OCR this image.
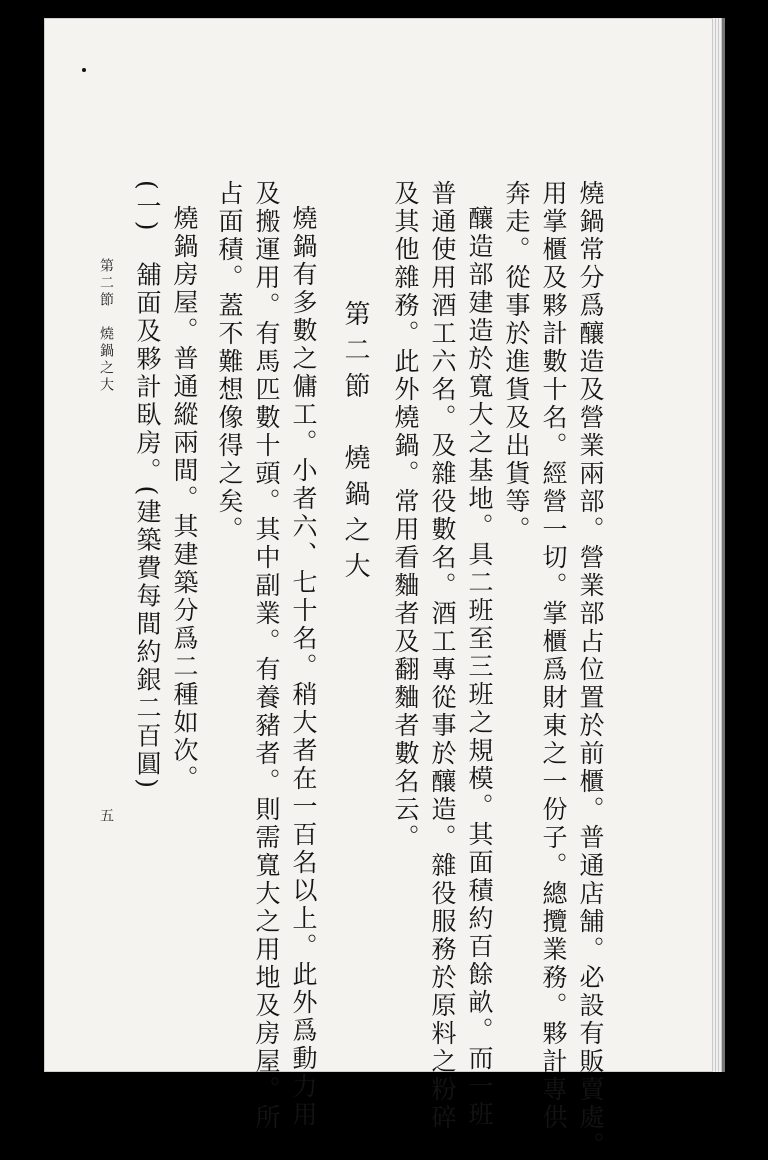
燒鍋常分爲釀造及營業兩部。營業部占位置於前櫃。普通店舗。必設有販賣處。
用掌櫃及夥計數十名。經營一切。掌櫃爲財東之一份子。總攬業務。夥計專供
奔走。從事於進貨及出貨等。
釀造部建造於寬大之基地。具二班至三班之規模。其面積約百餘畝。而一班
普通使用酒工六名。及雜役數名。酒工專從事於釀造。雜役服務於原料之粉碎
及其他雜務。此外燒鍋。常用看麯者及翻麯者數名云。
第二節　燒鍋之大
燒鍋有多數之傭工。小者六、七十名。稍大者在一百名以上。此外爲動力用
及搬運用。有馬匹數十頭。其中副業。有養豬者。則需寬大之用地及房屋。所
占面積。蓋不難想像得之矣。
燒鍋房屋。普通縱兩間。其建築分爲二種如次。
(一)　舖面及夥計臥房。(建築費每間約銀二百圓)
第二節　燒鍋之大
五
